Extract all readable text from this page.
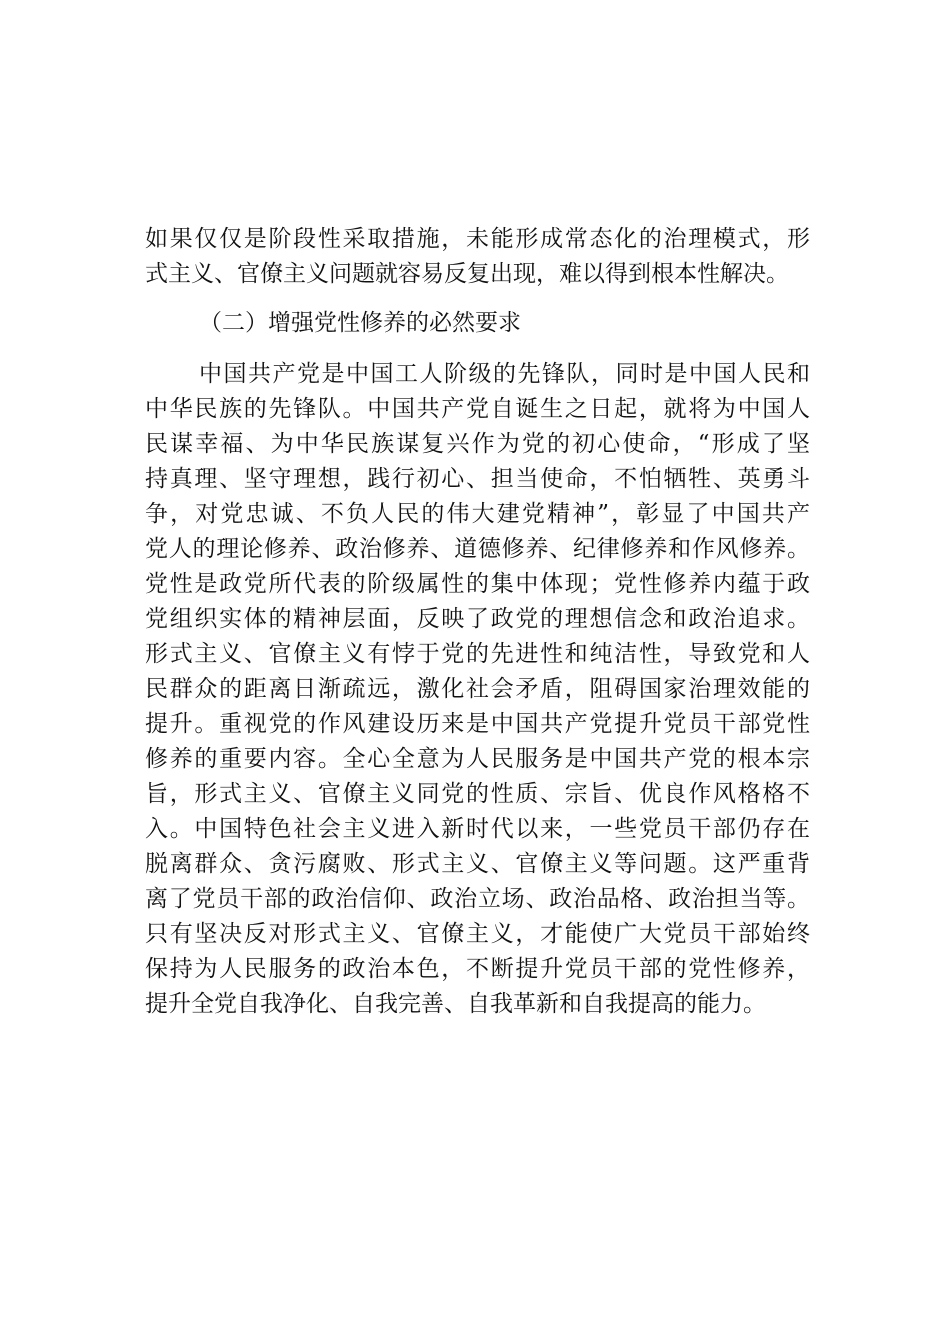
如果仅仅是阶段性采取措施，未能形成常态化的治理模式，形
式主义、官僚主义问题就容易反复出现，难以得到根本性解决。
（二）增强党性修养的必然要求
中国共产党是中国工人阶级的先锋队，同时是中国人民和
中华民族的先锋队。中国共产党自诞生之日起，就将为中国人
民谋幸福、为中华民族谋复兴作为党的初心使命，“形成了坚
持真理、坚守理想，践行初心、担当使命，不怕牺牲、英勇斗
争，对党忠诚、不负人民的伟大建党精神”，彰显了中国共产
党人的理论修养、政治修养、道德修养、纪律修养和作风修养。
党性是政党所代表的阶级属性的集中体现；党性修养内蕴于政
党组织实体的精神层面，反映了政党的理想信念和政治追求。
形式主义、官僚主义有悖于党的先进性和纯洁性，导致党和人
民群众的距离日渐疏远，激化社会矛盾，阻碍国家治理效能的
提升。重视党的作风建设历来是中国共产党提升党员干部党性
修养的重要内容。全心全意为人民服务是中国共产党的根本宗
旨，形式主义、官僚主义同党的性质、宗旨、优良作风格格不
入。中国特色社会主义进入新时代以来，一些党员干部仍存在
脱离群众、贪污腐败、形式主义、官僚主义等问题。这严重背
离了党员干部的政治信仰、政治立场、政治品格、政治担当等。
只有坚决反对形式主义、官僚主义，才能使广大党员干部始终
保持为人民服务的政治本色，不断提升党员干部的党性修养，
提升全党自我净化、自我完善、自我革新和自我提高的能力。
